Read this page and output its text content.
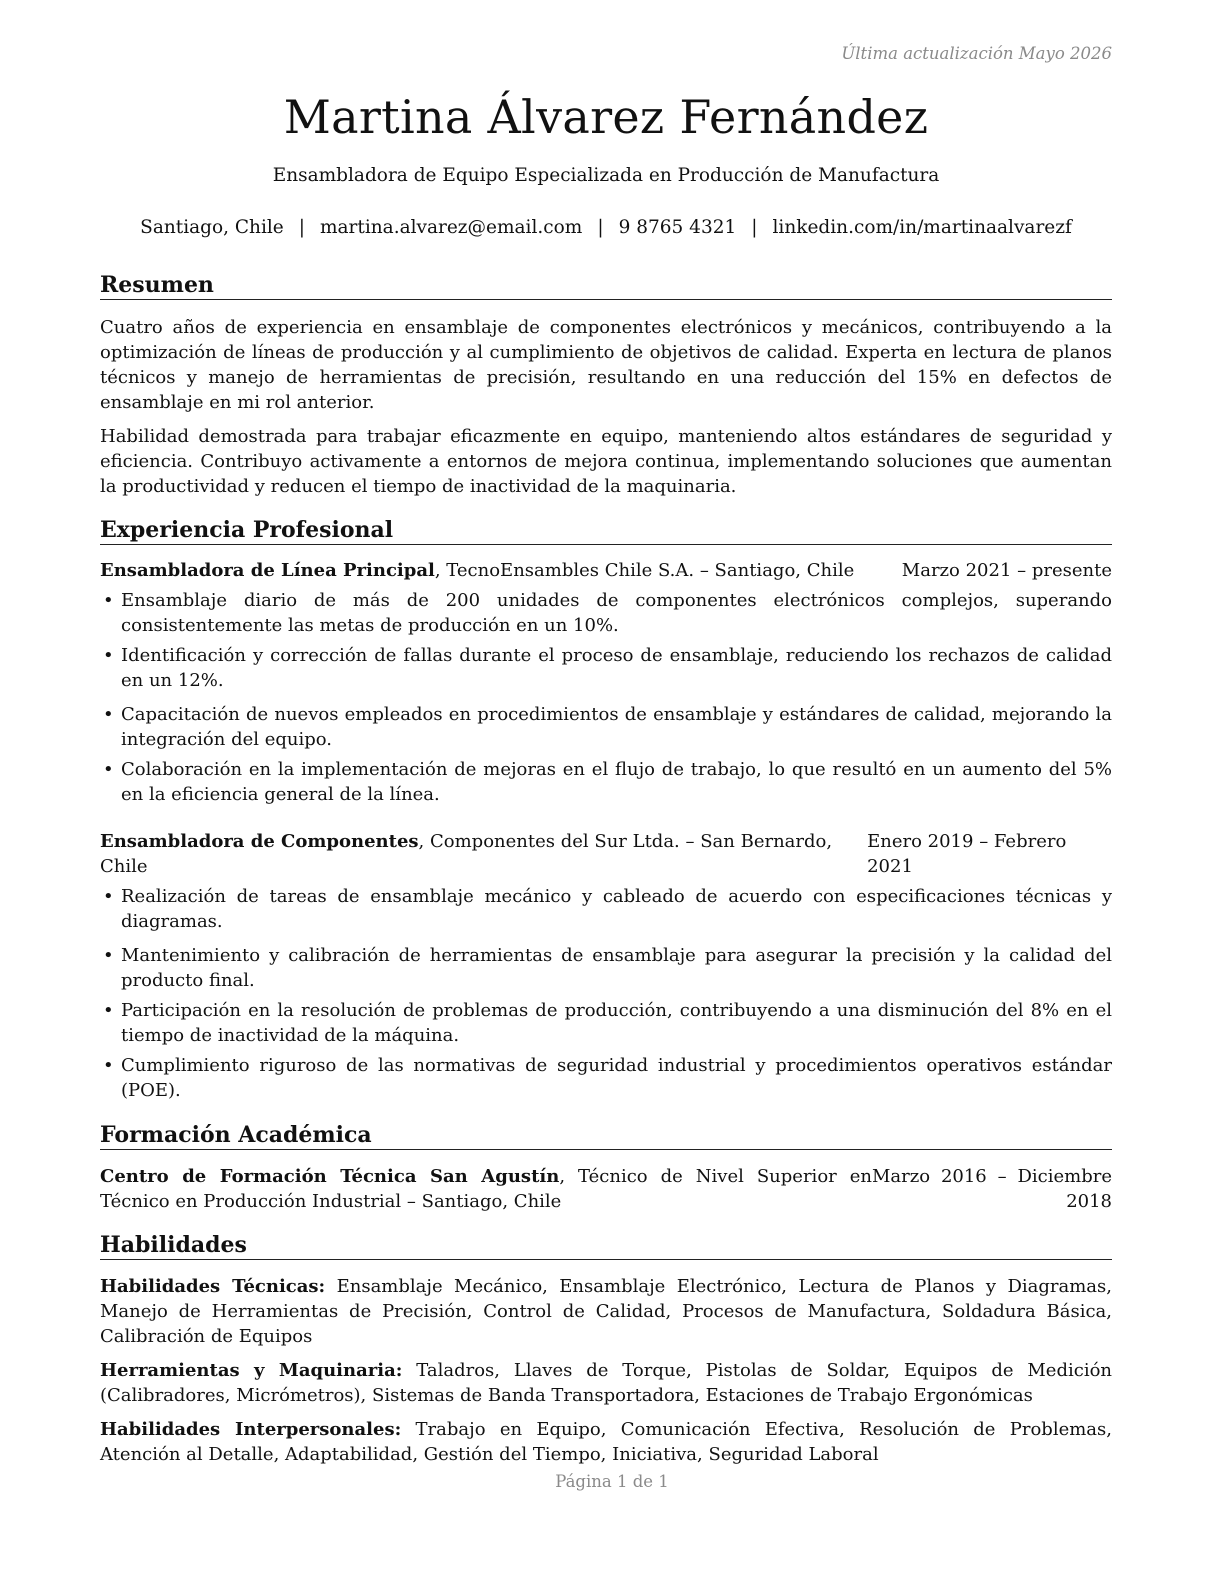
Última actualización Mayo 2026
Martina Álvarez Fernández
Ensambladora de Equipo Especializada en Producción de Manufactura
Santiago, Chile | martina.alvarez@email.com | 9 8765 4321 | linkedin.com/in/martinaalvarezf
Resumen

Cuatro años de experiencia en ensamblaje de componentes electrónicos y mecánicos, contribuyendo a la optimización de líneas de producción y al cumplimiento de objetivos de calidad. Experta en lectura de planos técnicos y manejo de herramientas de precisión, resultando en una reducción del 15% en defectos de ensamblaje en mi rol anterior.

Habilidad demostrada para trabajar eficazmente en equipo, manteniendo altos estándares de seguridad y eficiencia. Contribuyo activamente a entornos de mejora continua, implementando soluciones que aumentan la productividad y reducen el tiempo de inactividad de la maquinaria.

Experiencia Profesional
Ensambladora de Línea Principal, TecnoEnsambles Chile S.A. – Santiago, Chile	Marzo 2021 – presente
• Ensamblaje diario de más de 200 unidades de componentes electrónicos complejos, superando consistentemente las metas de producción en un 10%.
• Identificación y corrección de fallas durante el proceso de ensamblaje, reduciendo los rechazos de calidad en un 12%.
• Capacitación de nuevos empleados en procedimientos de ensamblaje y estándares de calidad, mejorando la integración del equipo.
• Colaboración en la implementación de mejoras en el flujo de trabajo, lo que resultó en un aumento del 5% en la eficiencia general de la línea.
Ensambladora de Componentes, Componentes del Sur Ltda. – San Bernardo, Chile
Enero 2019 – Febrero 2021
• Realización de tareas de ensamblaje mecánico y cableado de acuerdo con especificaciones técnicas y diagramas.
• Mantenimiento y calibración de herramientas de ensamblaje para asegurar la precisión y la calidad del producto final.
• Participación en la resolución de problemas de producción, contribuyendo a una disminución del 8% en el tiempo de inactividad de la máquina.
• Cumplimiento riguroso de las normativas de seguridad industrial y procedimientos operativos estándar (POE).
Formación Académica
Centro de Formación Técnica San Agustín, Técnico de Nivel Superior en Técnico en Producción Industrial – Santiago, Chile
Marzo 2016 – Diciembre 2018
Habilidades

Habilidades Técnicas: Ensamblaje Mecánico, Ensamblaje Electrónico, Lectura de Planos y Diagramas, Manejo de Herramientas de Precisión, Control de Calidad, Procesos de Manufactura, Soldadura Básica, Calibración de Equipos

Herramientas y Maquinaria: Taladros, Llaves de Torque, Pistolas de Soldar, Equipos de Medición (Calibradores, Micrómetros), Sistemas de Banda Transportadora, Estaciones de Trabajo Ergonómicas

Habilidades Interpersonales: Trabajo en Equipo, Comunicación Efectiva, Resolución de Problemas, Atención al Detalle, Adaptabilidad, Gestión del Tiempo, Iniciativa, Seguridad Laboral

Página 1 de 1
